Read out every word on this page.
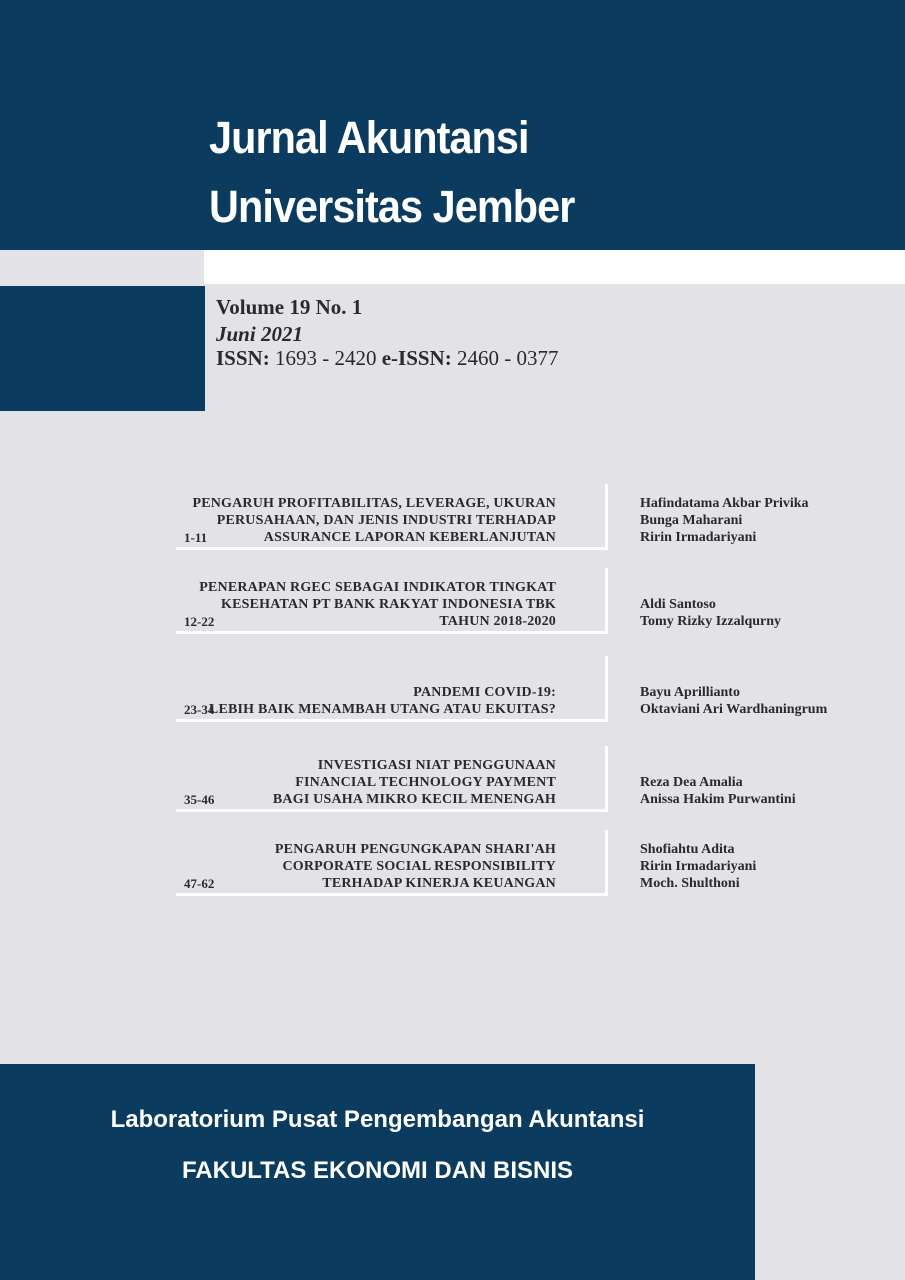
Jurnal Akuntansi
Universitas Jember
Volume 19 No. 1
Juni 2021
ISSN: 1693 - 2420 e-ISSN: 2460 - 0377
PENGARUH PROFITABILITAS, LEVERAGE, UKURAN
PERUSAHAAN, DAN JENIS INDUSTRI TERHADAP
ASSURANCE LAPORAN KEBERLANJUTAN
1-11
Hafindatama Akbar Privika
Bunga Maharani
Ririn Irmadariyani
PENERAPAN RGEC SEBAGAI INDIKATOR TINGKAT
KESEHATAN PT BANK RAKYAT INDONESIA TBK
TAHUN 2018-2020
12-22
Aldi Santoso
Tomy Rizky Izzalqurny
PANDEMI COVID-19:
LEBIH BAIK MENAMBAH UTANG ATAU EKUITAS?
23-34
Bayu Aprillianto
Oktaviani Ari Wardhaningrum
INVESTIGASI NIAT PENGGUNAAN
FINANCIAL TECHNOLOGY PAYMENT
BAGI USAHA MIKRO KECIL MENENGAH
35-46
Reza Dea Amalia
Anissa Hakim Purwantini
PENGARUH PENGUNGKAPAN SHARI'AH
CORPORATE SOCIAL RESPONSIBILITY
TERHADAP KINERJA KEUANGAN
47-62
Shofiahtu Adita
Ririn Irmadariyani
Moch. Shulthoni
Laboratorium Pusat Pengembangan Akuntansi
FAKULTAS EKONOMI DAN BISNIS
